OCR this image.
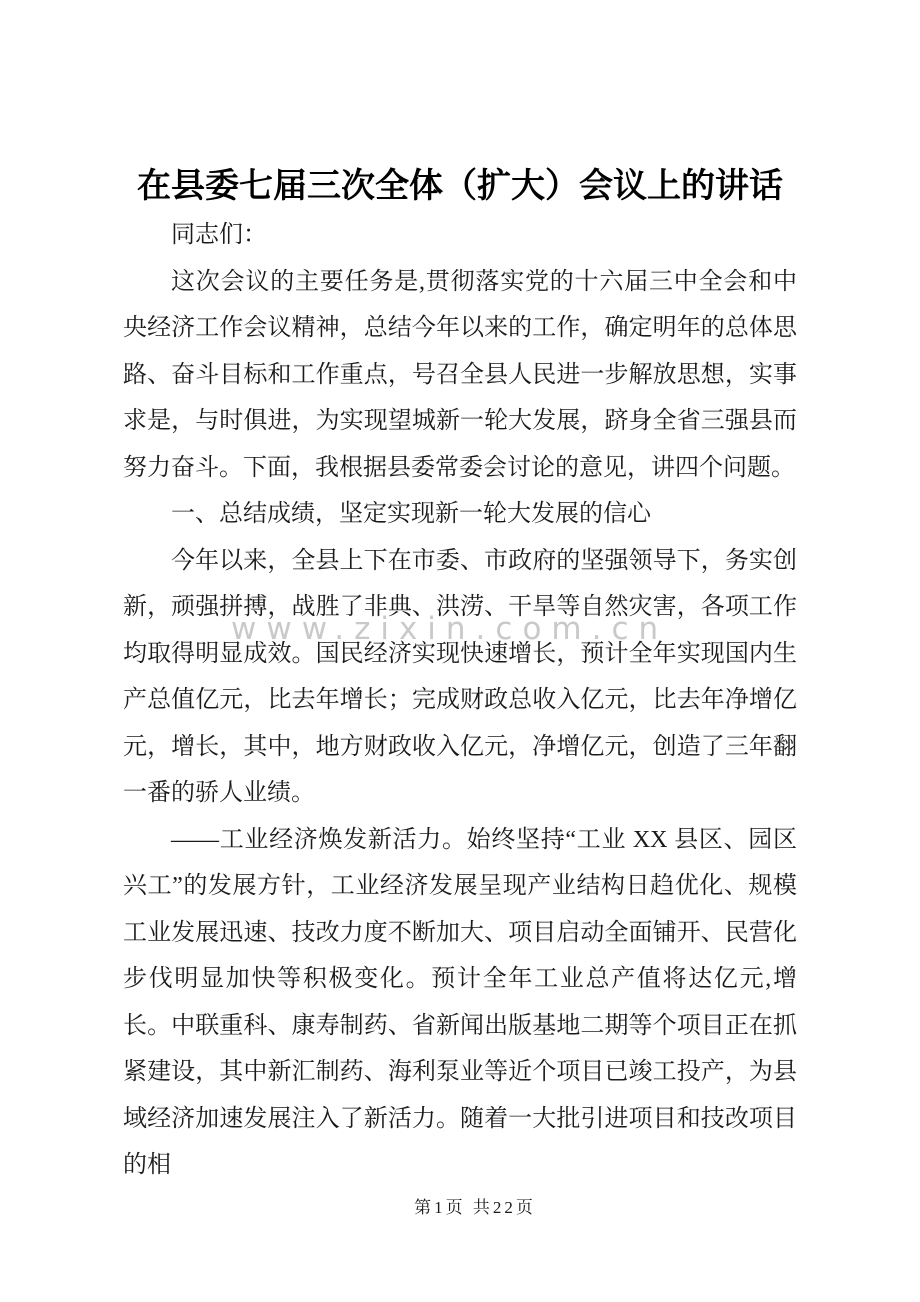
www.zixin.com.cn
在县委七届三次全体（扩大）会议上的讲话

同志们：

这次会议的主要任务是,贯彻落实党的十六届三中全会和中央经济工作会议精神，总结今年以来的工作，确定明年的总体思路、奋斗目标和工作重点，号召全县人民进一步解放思想，实事求是，与时俱进，为实现望城新一轮大发展，跻身全省三强县而努力奋斗。下面，我根据县委常委会讨论的意见，讲四个问题。

一、总结成绩，坚定实现新一轮大发展的信心

今年以来，全县上下在市委、市政府的坚强领导下，务实创新，顽强拼搏，战胜了非典、洪涝、干旱等自然灾害，各项工作均取得明显成效。国民经济实现快速增长，预计全年实现国内生产总值亿元，比去年增长；完成财政总收入亿元，比去年净增亿元，增长，其中，地方财政收入亿元，净增亿元，创造了三年翻一番的骄人业绩。

——工业经济焕发新活力。始终坚持“工业 XX 县区、园区兴工”的发展方针，工业经济发展呈现产业结构日趋优化、规模工业发展迅速、技改力度不断加大、项目启动全面铺开、民营化步伐明显加快等积极变化。预计全年工业总产值将达亿元,增长。中联重科、康寿制药、省新闻出版基地二期等个项目正在抓紧建设，其中新汇制药、海利泵业等近个项目已竣工投产，为县域经济加速发展注入了新活力。随着一大批引进项目和技改项目的相

第1页 共22页
